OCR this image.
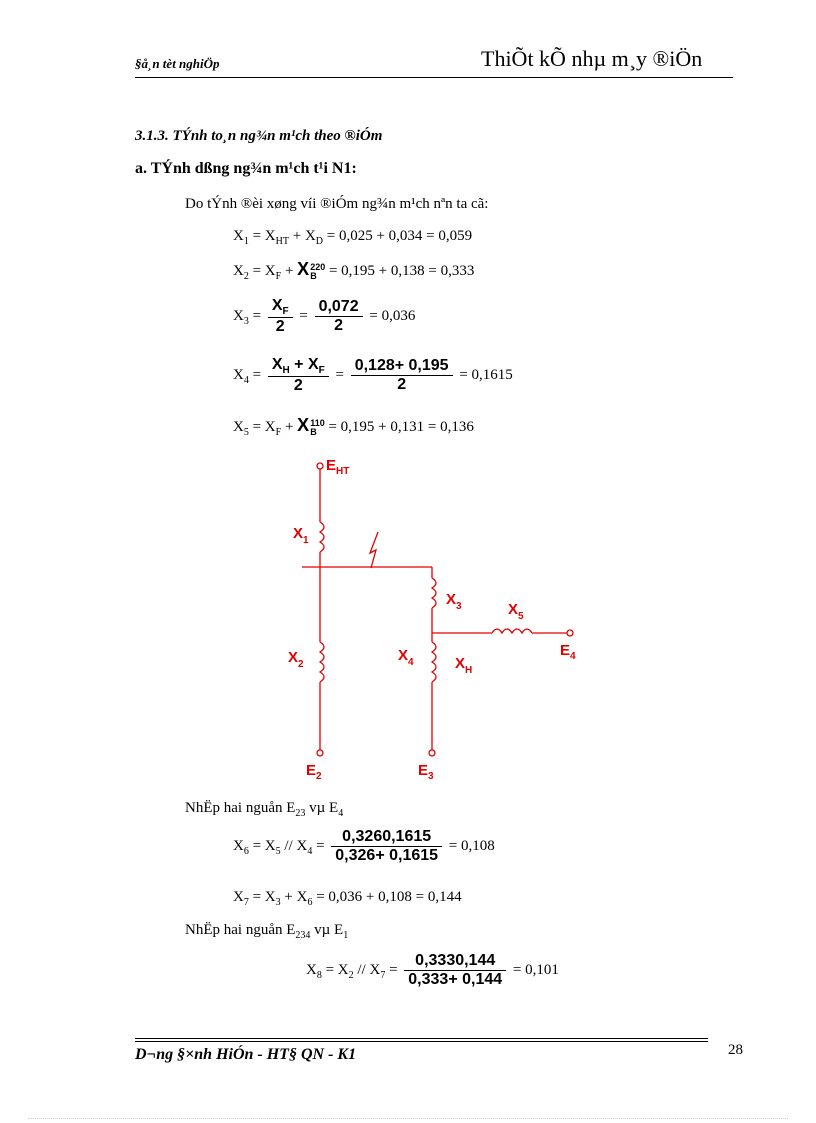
§å¸n tèt nghiÖp	ThiÕt kÕ nhµ m¸y ®iÖn
3.1.3. TÝnh to¸n ng¾n m¹ch theo ®iÓm
a. TÝnh dßng ng¾n m¹ch t¹i N1:
Do tÝnh ®èi xøng víi ®iÓm ng¾n m¹ch nªn ta cã:
$X_1 = X_{HT} + X_D = 0,025 + 0,034 = 0,059$
$X_2 = X_F + X220$
B = 0,195 + 0,138 = 0,333
$X_3 = \frac{X_F}{2} = \frac{0,072}{2} = 0,036$
$X_4 = \frac{X_H + X_F}{2} = \frac{0,128+ 0,195}{2} = 0,1615$
$X_5 = X_F + X110$
B = 0,195 + 0,131 = 0,136
$E_{HT}$
$X_1$
$X_2$
$X_3$
$X_4$	$X_H$
$X_5$
$E_2$	$E_3$
$E_4$
NhËp hai nguån $E_{23}$ vµ $E_4$
$X_6 = X_5 // X_4 = \frac{0,3260,1615}{0,326+ 0,1615} = 0,108$
$X_7 = X_3 + X_6 = 0,036 + 0,108 = 0,144$
NhËp hai nguån $E_{234}$ vµ $E_1$
$X_8 = X_2 // X_7 = \frac{0,3330,144}{0,333+ 0,144} = 0,101$
D¬ng §×nh HiÓn - HT§ QN - K1	28
